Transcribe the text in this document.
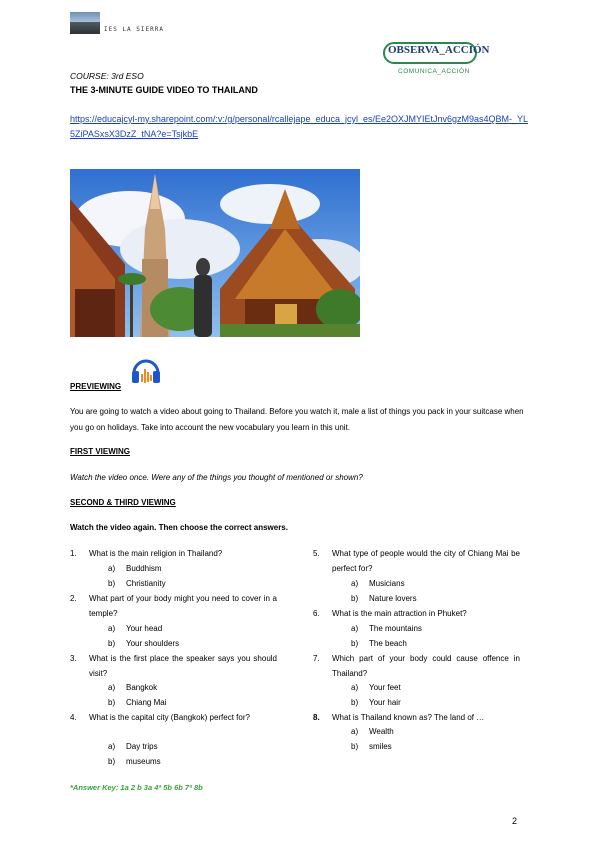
IES LA SIERRA
OBSERVA_ACCIÓN
COMUNICA_ACCIÓN
COURSE: 3rd ESO
THE 3-MINUTE GUIDE VIDEO TO THAILAND
https://educajcyl-my.sharepoint.com/:v:/g/personal/rcallejape_educa_jcyl_es/Ee2OXJMYIEtJnv6gzM9as4QBM-_YL5ZiPASxsX3DzZ_tNA?e=TsjkbE
PREVIEWING
You are going to watch a video about going to Thailand. Before you watch it, male a list of things you pack in your suitcase when you go on holidays. Take into account the new vocabulary you learn in this unit.
FIRST VIEWING
Watch the video once. Were any of the things you thought of mentioned or shown?
SECOND & THIRD VIEWING
Watch the video again. Then choose the correct answers.
1. What is the main religion in Thailand?
a) Buddhism
b) Christianity
2. What part of your body might you need to cover in a temple?
a) Your head
b) Your shoulders
3. What is the first place the speaker says you should visit?
a) Bangkok
b) Chiang Mai
4. What is the capital city (Bangkok) perfect for?
a) Day trips
b) museums
5. What type of people would the city of Chiang Mai be perfect for?
a) Musicians
b) Nature lovers
6. What is the main attraction in Phuket?
a) The mountains
b) The beach
7. Which part of your body could cause offence in Thailand?
a) Your feet
b) Your hair
8. What is Thailand known as? The land of …
a) Wealth
b) smiles
*Answer Key: 1a 2 b 3a 4ª 5b 6b 7ª 8b
2
